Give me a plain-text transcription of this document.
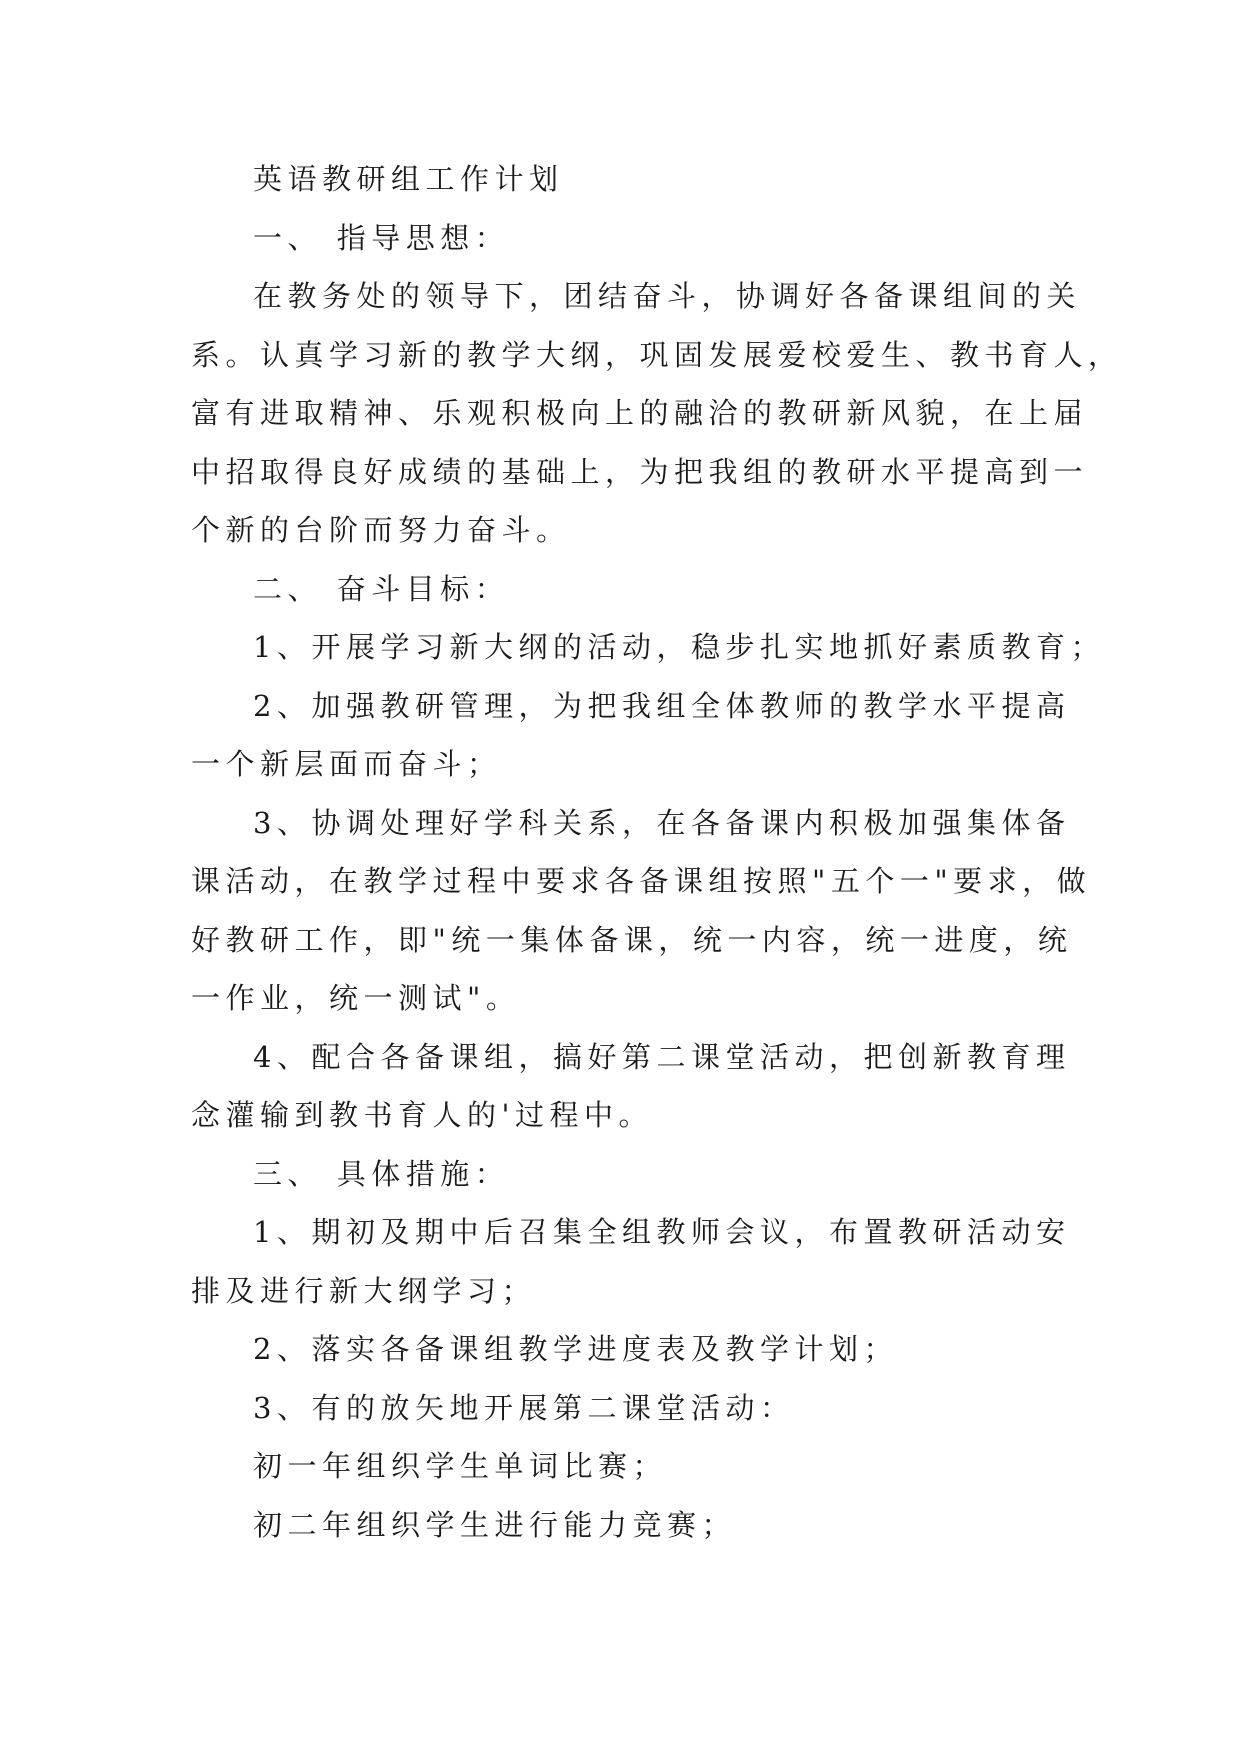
英语教研组工作计划

一、 指导思想：

在教务处的领导下，团结奋斗，协调好各备课组间的关

系。认真学习新的教学大纲，巩固发展爱校爱生、教书育人，

富有进取精神、乐观积极向上的融洽的教研新风貌，在上届

中招取得良好成绩的基础上，为把我组的教研水平提高到一

个新的台阶而努力奋斗。

二、 奋斗目标：

1、开展学习新大纲的活动，稳步扎实地抓好素质教育；

2、加强教研管理，为把我组全体教师的教学水平提高

一个新层面而奋斗；

3、协调处理好学科关系，在各备课内积极加强集体备

课活动，在教学过程中要求各备课组按照"五个一"要求，做

好教研工作，即"统一集体备课，统一内容，统一进度，统

一作业，统一测试"。

4、配合各备课组，搞好第二课堂活动，把创新教育理

念灌输到教书育人的'过程中。

三、 具体措施：

1、期初及期中后召集全组教师会议，布置教研活动安

排及进行新大纲学习；

2、落实各备课组教学进度表及教学计划；

3、有的放矢地开展第二课堂活动：

初一年组织学生单词比赛；

初二年组织学生进行能力竞赛；
